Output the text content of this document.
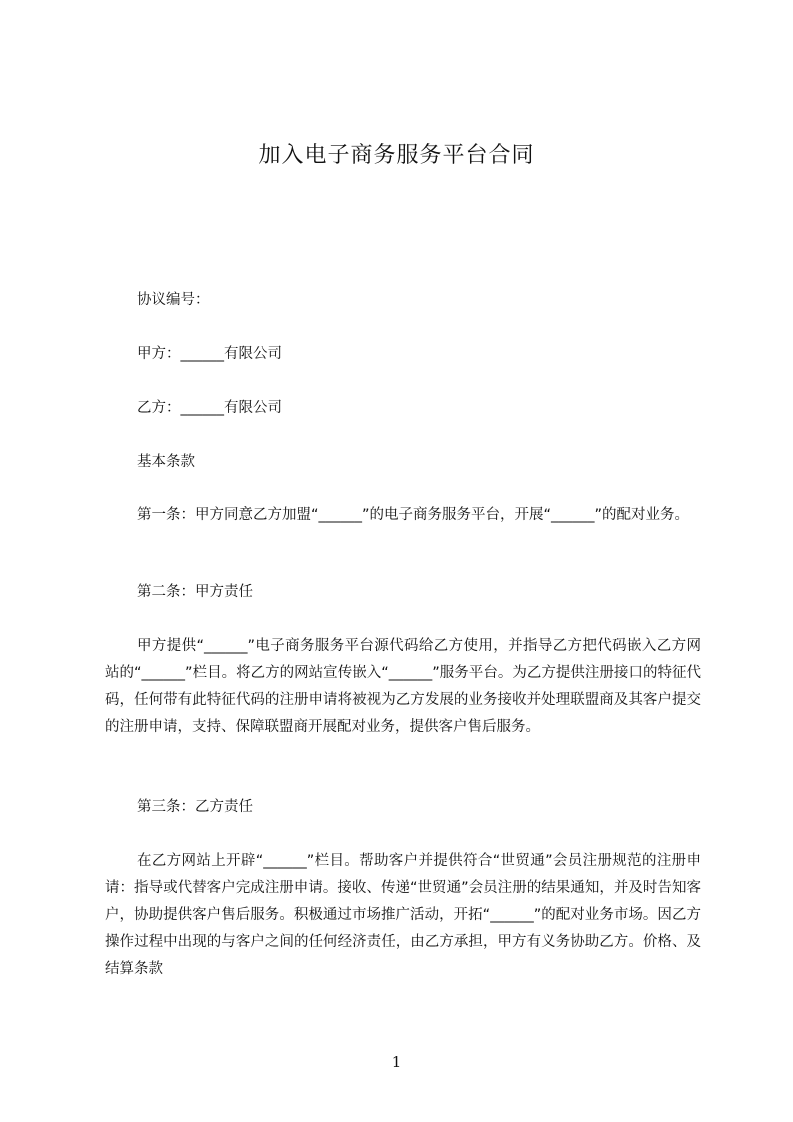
加入电子商务服务平台合同

协议编号：

甲方：______有限公司

乙方：______有限公司

基本条款

第一条：甲方同意乙方加盟“______”的电子商务服务平台，开展“______”的配对业务。

第二条：甲方责任

甲方提供“______”电子商务服务平台源代码给乙方使用，并指导乙方把代码嵌入乙方网站的“______”栏目。将乙方的网站宣传嵌入“______”服务平台。为乙方提供注册接口的特征代码，任何带有此特征代码的注册申请将被视为乙方发展的业务接收并处理联盟商及其客户提交的注册申请，支持、保障联盟商开展配对业务，提供客户售后服务。

第三条：乙方责任

在乙方网站上开辟“______”栏目。帮助客户并提供符合“世贸通”会员注册规范的注册申请：指导或代替客户完成注册申请。接收、传递“世贸通”会员注册的结果通知，并及时告知客户，协助提供客户售后服务。积极通过市场推广活动，开拓“______”的配对业务市场。因乙方操作过程中出现的与客户之间的任何经济责任，由乙方承担，甲方有义务协助乙方。价格、及结算条款

1
